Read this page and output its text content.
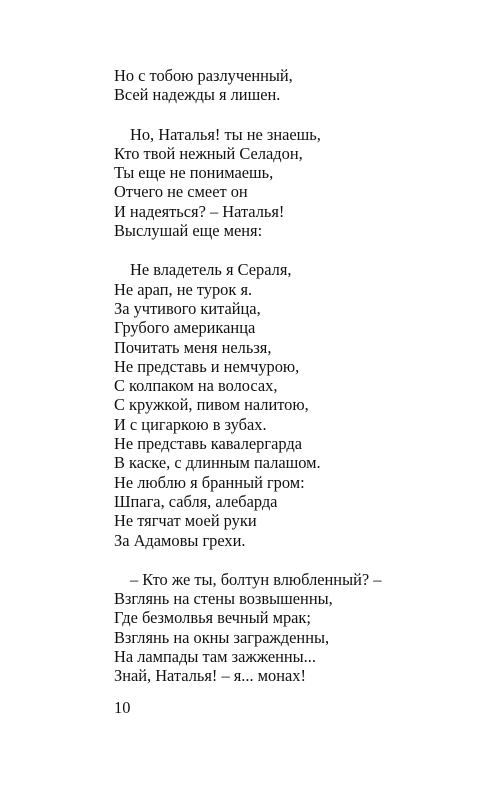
Но с тобою разлученный,
Всей надежды я лишен.
Но, Наталья! ты не знаешь,
Кто твой нежный Селадон,
Ты еще не понимаешь,
Отчего не смеет он
И надеяться? – Наталья!
Выслушай еще меня:
Не владетель я Сераля,
Не арап, не турок я.
За учтивого китайца,
Грубого американца
Почитать меня нельзя,
Не представь и немчурою,
С колпаком на волосах,
С кружкой, пивом налитою,
И с цигаркою в зубах.
Не представь кавалергарда
В каске, с длинным палашом.
Не люблю я бранный гром:
Шпага, сабля, алебарда
Не тягчат моей руки
За Адамовы грехи.
– Кто же ты, болтун влюбленный? –
Взглянь на стены возвышенны,
Где безмолвья вечный мрак;
Взглянь на окны загражденны,
На лампады там зажженны...
Знай, Наталья! – я... монах!
10
